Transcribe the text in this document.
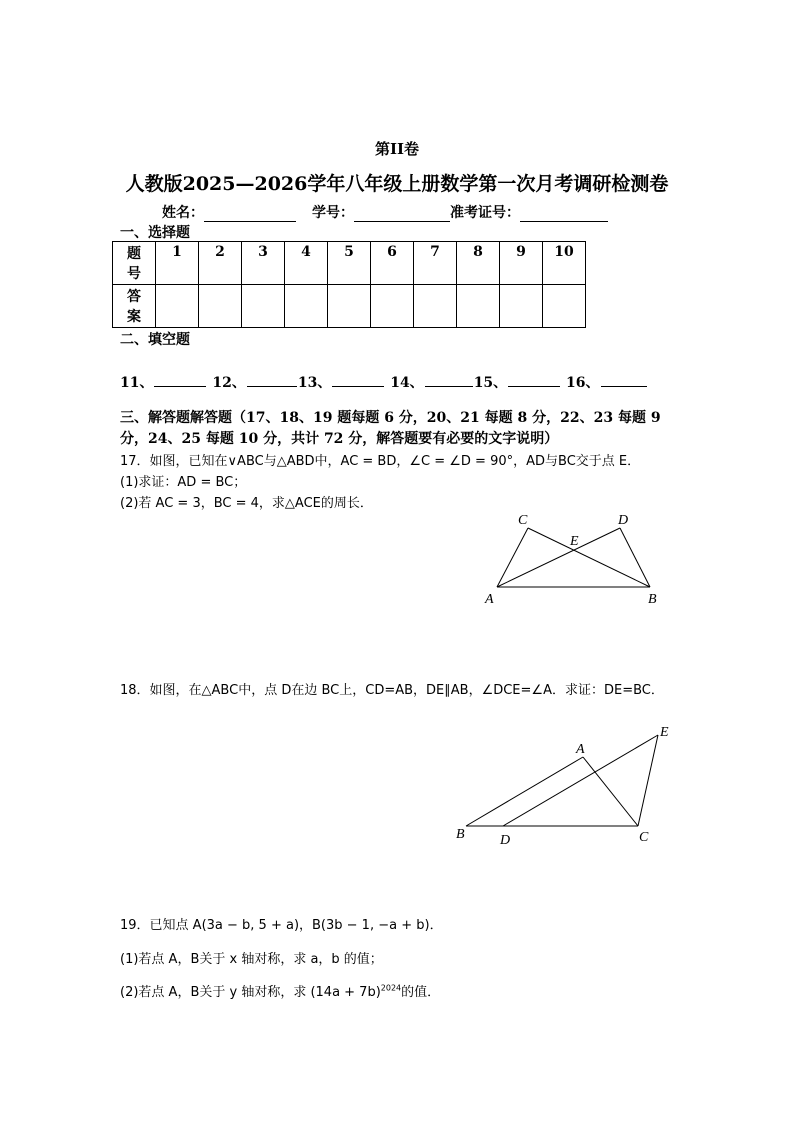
第II卷
人教版2025—2026学年八年级上册数学第一次月考调研检测卷
姓名：	学号：	准考证号：
一、选择题
题
号	1	2	3	4	5	6	7	8	9	10
答
案										
二、填空题
11、	12、	13、	14、	15、	16、
三、解答题解答题（17、18、19 题每题 6 分，20、21 每题 8 分，22、23 每题 9
分，24、25 每题 10 分，共计 72 分，解答题要有必要的文字说明）
17．如图，已知在∨ABC与△ABD中，AC = BD，∠C = ∠D = 90°，AD与BC交于点 E．
(1)求证：AD = BC；
(2)若 AC = 3，BC = 4，求△ACE的周长．
C	D
E
A	B
18．如图，在△ABC中，点 D在边 BC上，CD=AB，DE∥AB，∠DCE=∠A．求证：DE=BC．
A
E
B	D	C
19．已知点 A(3a − b, 5 + a)，B(3b − 1, −a + b)．
(1)若点 A，B关于 x 轴对称，求 a，b 的值；
(2)若点 A，B关于 y 轴对称，求 $(14a + 7b)^{2024}$的值．
